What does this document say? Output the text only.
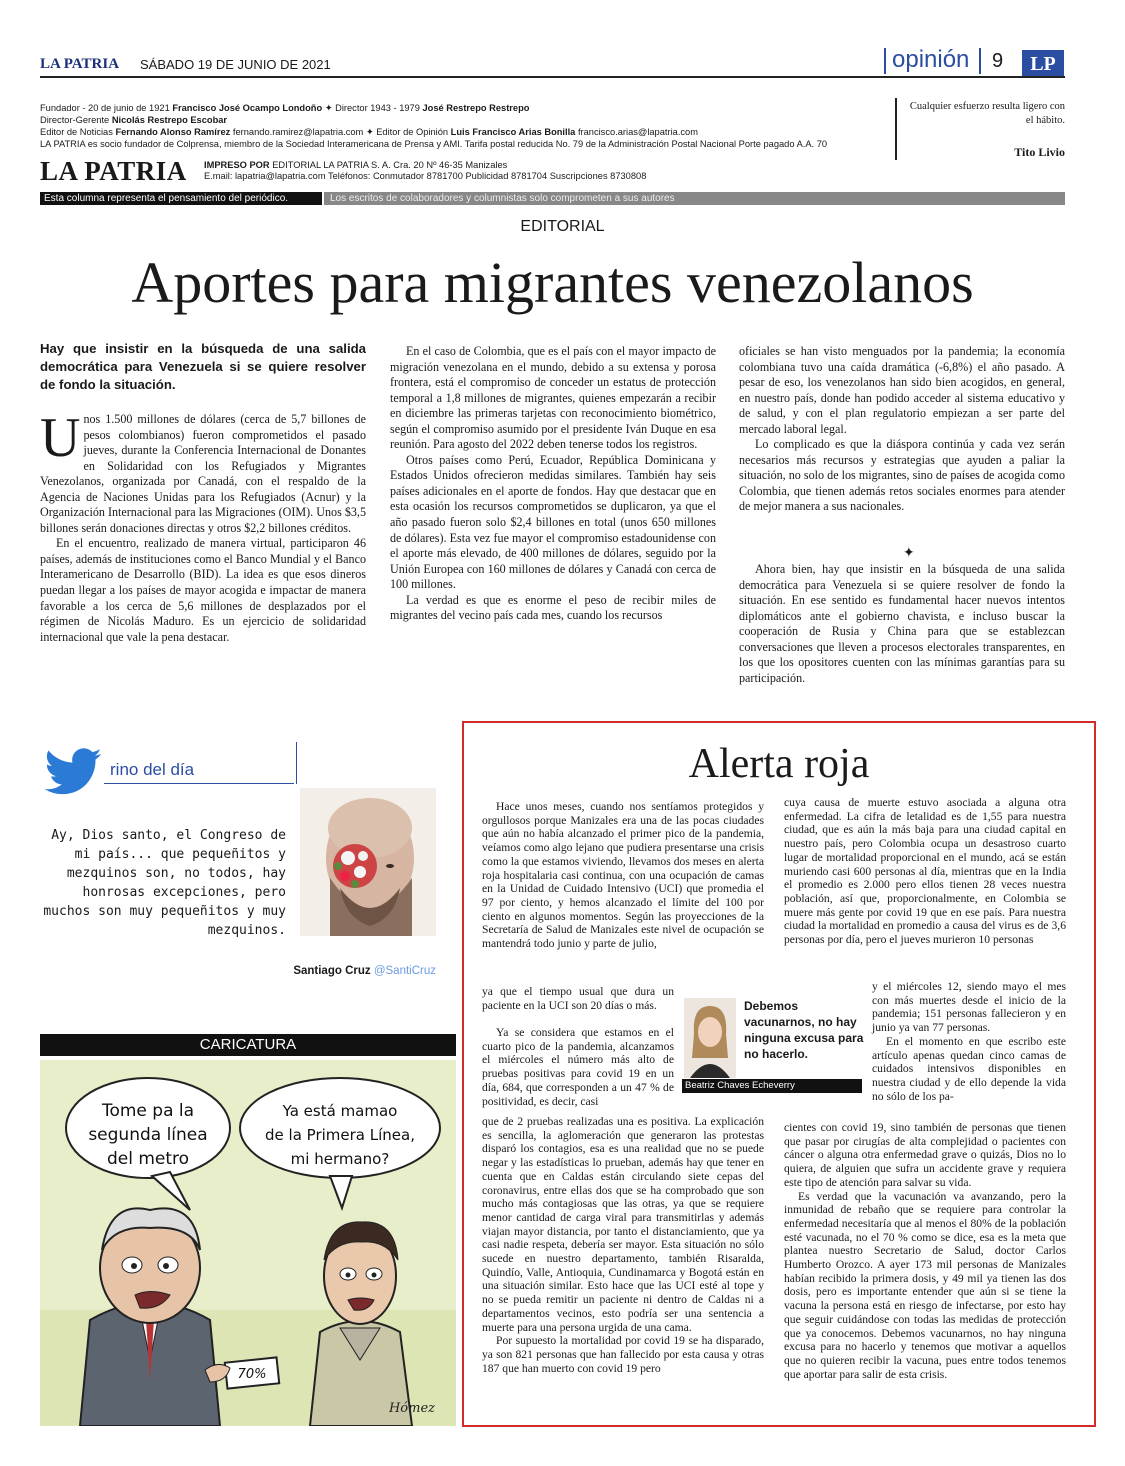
LA PATRIA SÁBADO 19 DE JUNIO DE 2021	opinión 9	LP
Fundador - 20 de junio de 1921 Francisco José Ocampo Londoño ✦ Director 1943 - 1979 José Restrepo Restrepo
Director-Gerente Nicolás Restrepo Escobar
Editor de Noticias Fernando Alonso Ramírez fernando.ramirez@lapatria.com ✦ Editor de Opinión Luis Francisco Arias Bonilla francisco.arias@lapatria.com
LA PATRIA es socio fundador de Colprensa, miembro de la Sociedad Interamericana de Prensa y AMI. Tarifa postal reducida No. 79 de la Administración Postal Nacional Porte pagado A.A. 70
Cualquier esfuerzo resulta ligero con el hábito.
Tito Livio
LA PATRIA IMPRESO POR EDITORIAL LA PATRIA S. A. Cra. 20 Nº 46-35 Manizales
E.mail: lapatria@lapatria.com Teléfonos: Conmutador 8781700 Publicidad 8781704 Suscripciones 8730808
Esta columna representa el pensamiento del periódico.	Los escritos de colaboradores y columnistas solo comprometen a sus autores
EDITORIAL
Aportes para migrantes venezolanos
Hay que insistir en la búsqueda de una salida democrática para Venezuela si se quiere resolver de fondo la situación.
U nos 1.500 millones de dólares (cerca de 5,7 billones de pesos colombianos) fueron comprometidos el pasado jueves, durante la Conferencia Internacional de Donantes en Solidaridad con los Refugiados y Migrantes Venezolanos, organizada por Canadá, con el respaldo de la Agencia de Naciones Unidas para los Refugiados (Acnur) y la Organización Internacional para las Migraciones (OIM). Unos $3,5 billones serán donaciones directas y otros $2,2 billones créditos.

En el encuentro, realizado de manera virtual, participaron 46 países, además de instituciones como el Banco Mundial y el Banco Interamericano de Desarrollo (BID). La idea es que esos dineros puedan llegar a los países de mayor acogida e impactar de manera favorable a los cerca de 5,6 millones de desplazados por el régimen de Nicolás Maduro. Es un ejercicio de solidaridad internacional que vale la pena destacar.

En el caso de Colombia, que es el país con el mayor impacto de migración venezolana en el mundo, debido a su extensa y porosa frontera, está el compromiso de conceder un estatus de protección temporal a 1,8 millones de migrantes, quienes empezarán a recibir en diciembre las primeras tarjetas con reconocimiento biométrico, según el compromiso asumido por el presidente Iván Duque en esa reunión. Para agosto del 2022 deben tenerse todos los registros.

Otros países como Perú, Ecuador, República Dominicana y Estados Unidos ofrecieron medidas similares. También hay seis países adicionales en el aporte de fondos. Hay que destacar que en esta ocasión los recursos comprometidos se duplicaron, ya que el año pasado fueron solo $2,4 billones en total (unos 650 millones de dólares). Esta vez fue mayor el compromiso estadounidense con el aporte más elevado, de 400 millones de dólares, seguido por la Unión Europea con 160 millones de dólares y Canadá con cerca de 100 millones.

La verdad es que es enorme el peso de recibir miles de migrantes del vecino país cada mes, cuando los recursos

oficiales se han visto menguados por la pandemia; la economía colombiana tuvo una caída dramática (-6,8%) el año pasado. A pesar de eso, los venezolanos han sido bien acogidos, en general, en nuestro país, donde han podido acceder al sistema educativo y de salud, y con el plan regulatorio empiezan a ser parte del mercado laboral legal.

Lo complicado es que la diáspora continúa y cada vez serán necesarios más recursos y estrategias que ayuden a paliar la situación, no solo de los migrantes, sino de países de acogida como Colombia, que tienen además retos sociales enormes para atender de mejor manera a sus nacionales.

✦

Ahora bien, hay que insistir en la búsqueda de una salida democrática para Venezuela si se quiere resolver de fondo la situación. En ese sentido es fundamental hacer nuevos intentos diplomáticos ante el gobierno chavista, e incluso buscar la cooperación de Rusia y China para que se establezcan conversaciones que lleven a procesos electorales transparentes, en los que los opositores cuenten con las mínimas garantías para su participación.

rino del día
Ay, Dios santo, el Congreso de mi país... que pequeñitos y mezquinos son, no todos, hay honrosas excepciones, pero muchos son muy pequeñitos y muy mezquinos.
Santiago Cruz @SantiCruz
CARICATURA
Tome pa la
segunda línea
del metro
Ya está mamao
de la Primera Línea,
mi hermano?
70%
Hómez
Alerta roja

Hace unos meses, cuando nos sentíamos protegidos y orgullosos porque Manizales era una de las pocas ciudades que aún no había alcanzado el primer pico de la pandemia, veíamos como algo lejano que pudiera presentarse una crisis como la que estamos viviendo, llevamos dos meses en alerta roja hospitalaria casi continua, con una ocupación de camas en la Unidad de Cuidado Intensivo (UCI) que promedia el 97 por ciento, y hemos alcanzado el límite del 100 por ciento en algunos momentos. Según las proyecciones de la Secretaría de Salud de Manizales este nivel de ocupación se mantendrá todo junio y parte de julio,

ya que el tiempo usual que dura un paciente en la UCI son 20 días o más.

Ya se considera que estamos en el cuarto pico de la pandemia, alcanzamos el miércoles el número más alto de pruebas positivas para covid 19 en un día, 684, que corresponden a un 47 % de positividad, es decir, casi

que de 2 pruebas realizadas una es positiva. La explicación es sencilla, la aglomeración que generaron las protestas disparó los contagios, esa es una realidad que no se puede negar y las estadísticas lo prueban, además hay que tener en cuenta que en Caldas están circulando siete cepas del coronavirus, entre ellas dos que se ha comprobado que son mucho más contagiosas que las otras, ya que se requiere menor cantidad de carga viral para transmitirlas y además viajan mayor distancia, por tanto el distanciamiento, que ya casi nadie respeta, debería ser mayor. Esta situación no sólo sucede en nuestro departamento, también Risaralda, Quindío, Valle, Antioquia, Cundinamarca y Bogotá están en una situación similar. Esto hace que las UCI esté al tope y no se pueda remitir un paciente ni dentro de Caldas ni a departamentos vecinos, esto podría ser una sentencia a muerte para una persona urgida de una cama.

Por supuesto la mortalidad por covid 19 se ha disparado, ya son 821 personas que han fallecido por esta causa y otras 187 que han muerto con covid 19 pero

cuya causa de muerte estuvo asociada a alguna otra enfermedad. La cifra de letalidad es de 1,55 para nuestra ciudad, que es aún la más baja para una ciudad capital en nuestro país, pero Colombia ocupa un desastroso cuarto lugar de mortalidad proporcional en el mundo, acá se están muriendo casi 600 personas al día, mientras que en la India el promedio es 2.000 pero ellos tienen 28 veces nuestra población, así que, proporcionalmente, en Colombia se muere más gente por covid 19 que en ese país. Para nuestra ciudad la mortalidad en promedio a causa del virus es de 3,6 personas por día, pero el jueves murieron 10 personas

y el miércoles 12, siendo mayo el mes con más muertes desde el inicio de la pandemia; 151 personas fallecieron y en junio ya van 77 personas.

En el momento en que escribo este artículo apenas quedan cinco camas de cuidados intensivos disponibles en nuestra ciudad y de ello depende la vida no sólo de los pa-

cientes con covid 19, sino también de personas que tienen que pasar por cirugías de alta complejidad o pacientes con cáncer o alguna otra enfermedad grave o quizás, Dios no lo quiera, de alguien que sufra un accidente grave y requiera este tipo de atención para salvar su vida.

Es verdad que la vacunación va avanzando, pero la inmunidad de rebaño que se requiere para controlar la enfermedad necesitaría que al menos el 80% de la población esté vacunada, no el 70 % como se dice, esa es la meta que plantea nuestro Secretario de Salud, doctor Carlos Humberto Orozco. A ayer 173 mil personas de Manizales habían recibido la primera dosis, y 49 mil ya tienen las dos dosis, pero es importante entender que aún si se tiene la vacuna la persona está en riesgo de infectarse, por esto hay que seguir cuidándose con todas las medidas de protección que ya conocemos. Debemos vacunarnos, no hay ninguna excusa para no hacerlo y tenemos que motivar a aquellos que no quieren recibir la vacuna, pues entre todos tenemos que aportar para salir de esta crisis.

Debemos vacunarnos, no hay ninguna excusa para no hacerlo.
Beatriz Chaves Echeverry
